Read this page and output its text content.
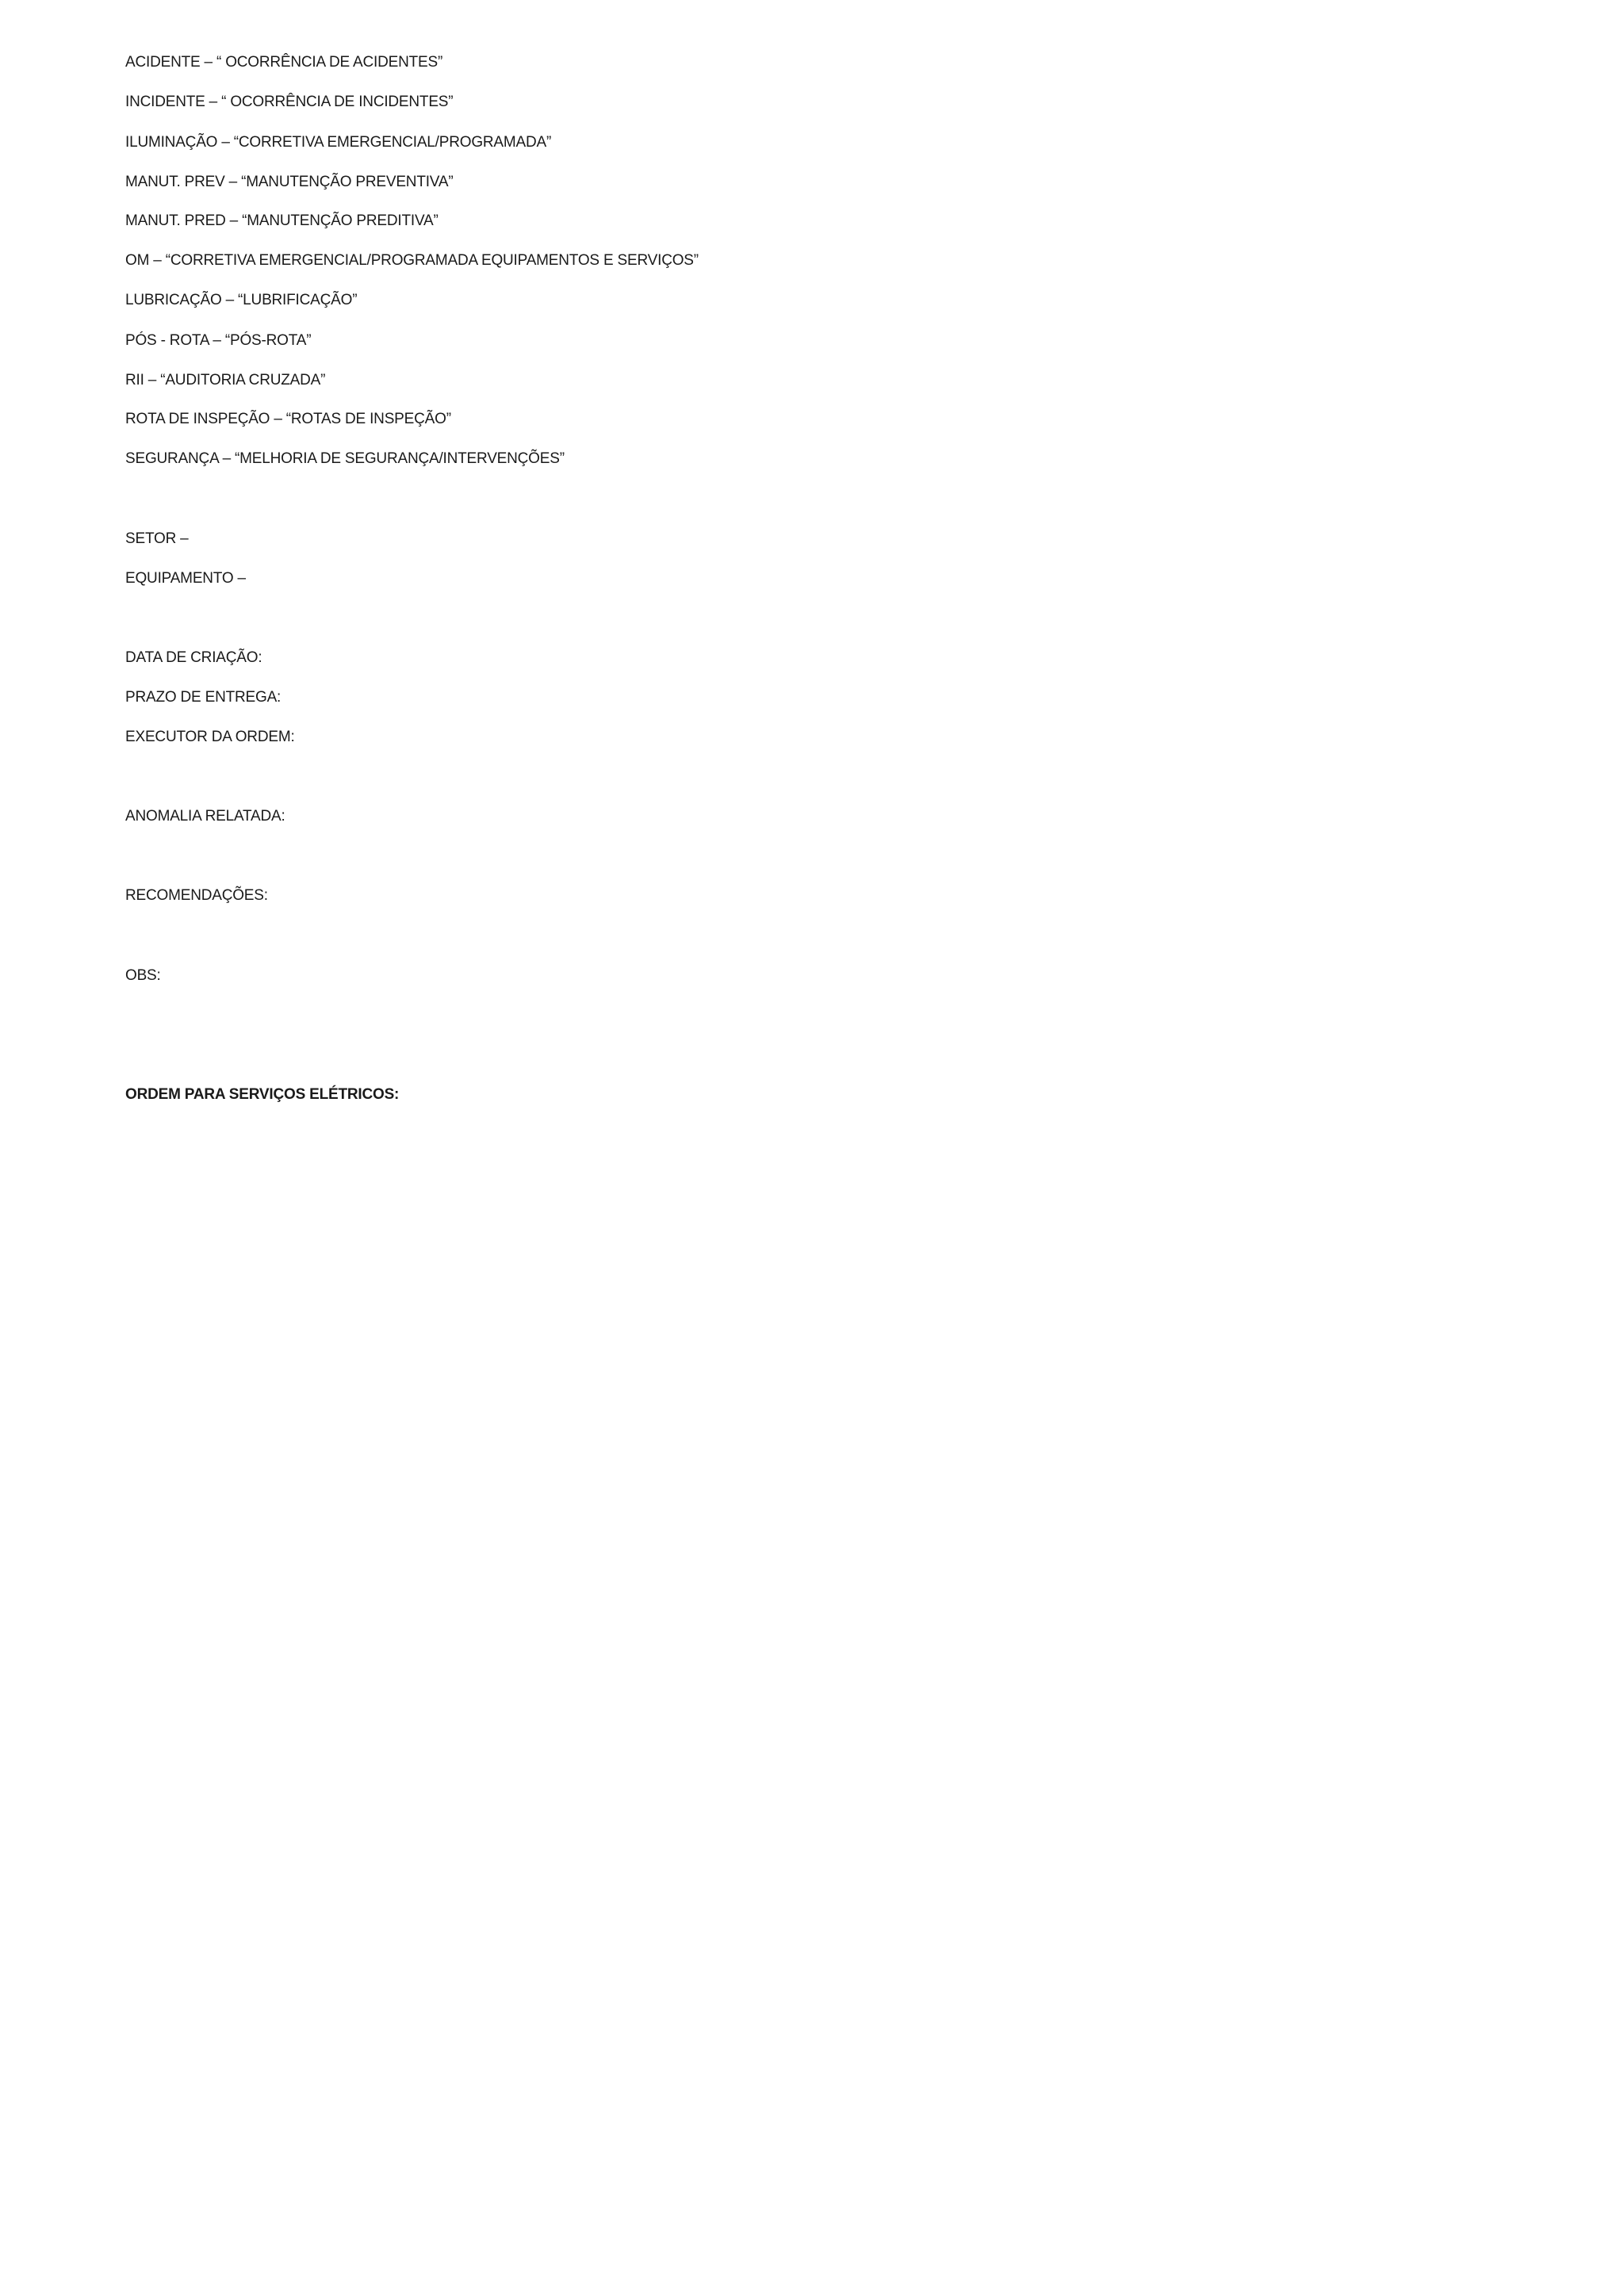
ACIDENTE – “ OCORRÊNCIA DE ACIDENTES”
INCIDENTE – “ OCORRÊNCIA DE INCIDENTES”
ILUMINAÇÃO – “CORRETIVA EMERGENCIAL/PROGRAMADA”
MANUT. PREV – “MANUTENÇÃO PREVENTIVA”
MANUT. PRED – “MANUTENÇÃO PREDITIVA”
OM – “CORRETIVA EMERGENCIAL/PROGRAMADA EQUIPAMENTOS E SERVIÇOS”
LUBRICAÇÃO – “LUBRIFICAÇÃO”
PÓS - ROTA – “PÓS-ROTA”
RII – “AUDITORIA CRUZADA”
ROTA DE INSPEÇÃO – “ROTAS DE INSPEÇÃO”
SEGURANÇA – “MELHORIA DE SEGURANÇA/INTERVENÇÕES”
SETOR –
EQUIPAMENTO –
DATA DE CRIAÇÃO:
PRAZO DE ENTREGA:
EXECUTOR DA ORDEM:
ANOMALIA RELATADA:
RECOMENDAÇÕES:
OBS:
ORDEM PARA SERVIÇOS ELÉTRICOS:
